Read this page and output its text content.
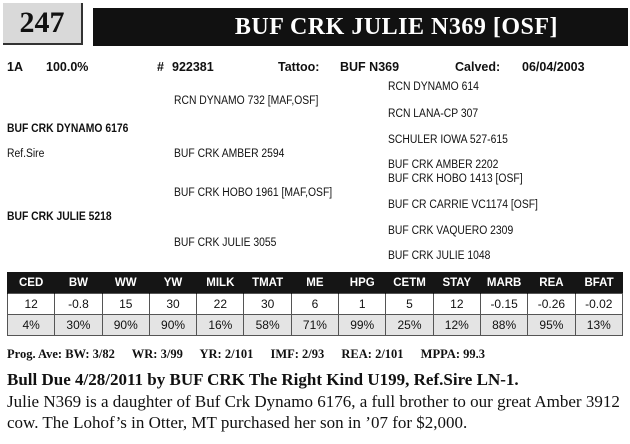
247	BUF CRK JULIE N369 [OSF]
1A 100.0%	# 922381	Tattoo: BUF N369	Calved: 06/04/2003
BUF CRK DYNAMO 6176
Ref.Sire
BUF CRK JULIE 5218
RCN DYNAMO 732 [MAF,OSF]
BUF CRK AMBER 2594
BUF CRK HOBO 1961 [MAF,OSF]
BUF CRK JULIE 3055
RCN DYNAMO 614
RCN LANA-CP 307
SCHULER IOWA 527-615
BUF CRK AMBER 2202
BUF CRK HOBO 1413 [OSF]
BUF CR CARRIE VC1174 [OSF]
BUF CRK VAQUERO 2309
BUF CRK JULIE 1048
CED	BW	WW	YW	MILK	TMAT	ME	HPG	CETM	STAY	MARB	REA	BFAT
12	-0.8	15	30	22	30	6	1	5	12	-0.15	-0.26	-0.02
4%	30%	90%	90%	16%	58%	71%	99%	25%	12%	88%	95%	13%
Prog. Ave: BW: 3/82 WR: 3/99 YR: 2/101 IMF: 2/93 REA: 2/101 MPPA: 99.3
Bull Due 4/28/2011 by BUF CRK The Right Kind U199, Ref.Sire LN-1.
Julie N369 is a daughter of Buf Crk Dynamo 6176, a full brother to our great Amber 3912 cow. The Lohof’s in Otter, MT purchased her son in ’07 for $2,000.
